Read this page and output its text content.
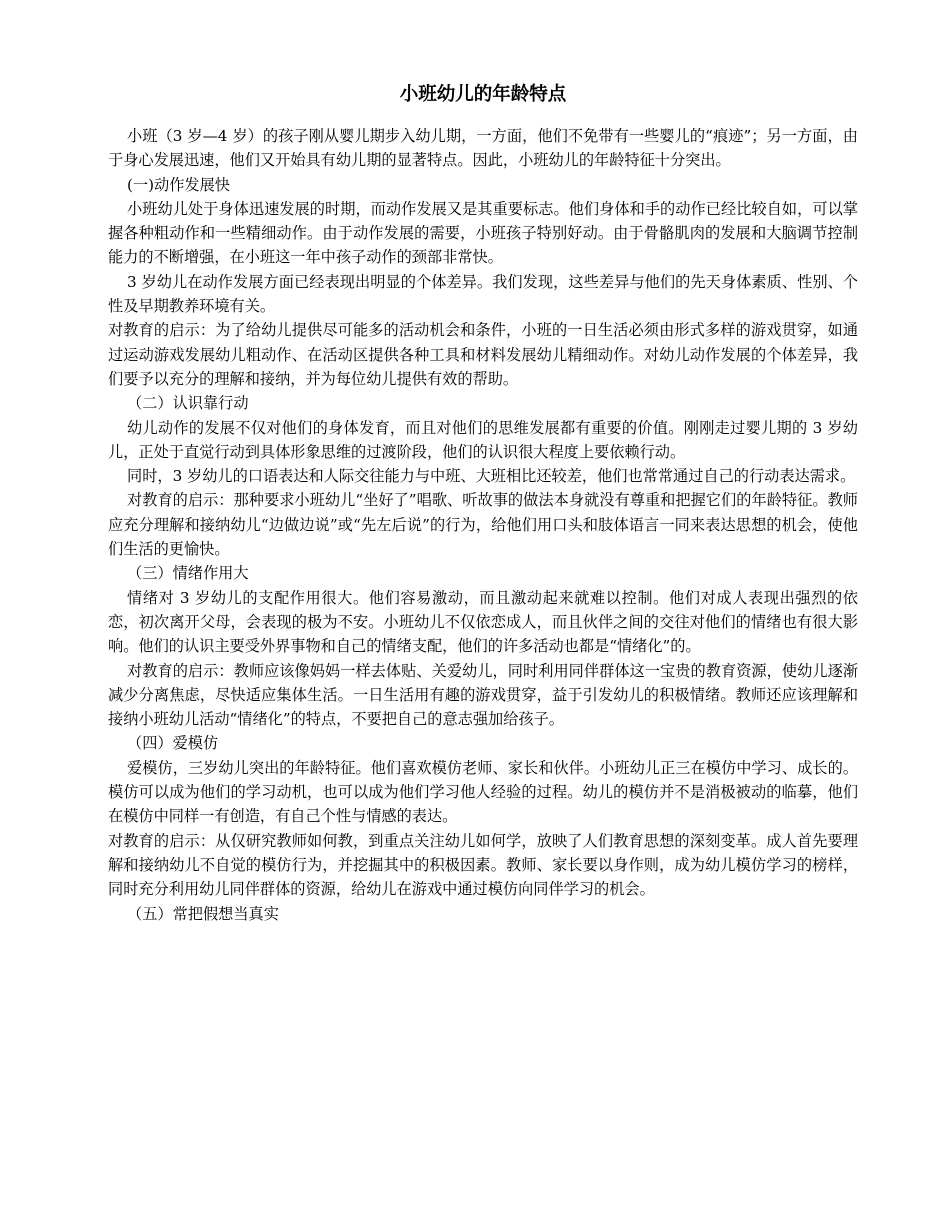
小班幼儿的年龄特点

小班（3 岁—4 岁）的孩子刚从婴儿期步入幼儿期，一方面，他们不免带有一些婴儿的“痕迹”；另一方面，由于身心发展迅速，他们又开始具有幼儿期的显著特点。因此，小班幼儿的年龄特征十分突出。

(一)动作发展快

小班幼儿处于身体迅速发展的时期，而动作发展又是其重要标志。他们身体和手的动作已经比较自如，可以掌握各种粗动作和一些精细动作。由于动作发展的需要，小班孩子特别好动。由于骨骼肌肉的发展和大脑调节控制能力的不断增强，在小班这一年中孩子动作的颈部非常快。

3 岁幼儿在动作发展方面已经表现出明显的个体差异。我们发现，这些差异与他们的先天身体素质、性别、个性及早期教养环境有关。

对教育的启示：为了给幼儿提供尽可能多的活动机会和条件，小班的一日生活必须由形式多样的游戏贯穿，如通过运动游戏发展幼儿粗动作、在活动区提供各种工具和材料发展幼儿精细动作。对幼儿动作发展的个体差异，我们要予以充分的理解和接纳，并为每位幼儿提供有效的帮助。

（二）认识靠行动

幼儿动作的发展不仅对他们的身体发育，而且对他们的思维发展都有重要的价值。刚刚走过婴儿期的 3 岁幼儿，正处于直觉行动到具体形象思维的过渡阶段，他们的认识很大程度上要依赖行动。

同时，3 岁幼儿的口语表达和人际交往能力与中班、大班相比还较差，他们也常常通过自己的行动表达需求。

对教育的启示：那种要求小班幼儿“坐好了”唱歌、听故事的做法本身就没有尊重和把握它们的年龄特征。教师应充分理解和接纳幼儿“边做边说”或“先左后说”的行为，给他们用口头和肢体语言一同来表达思想的机会，使他们生活的更愉快。

（三）情绪作用大

情绪对 3 岁幼儿的支配作用很大。他们容易激动，而且激动起来就难以控制。他们对成人表现出强烈的依恋，初次离开父母，会表现的极为不安。小班幼儿不仅依恋成人，而且伙伴之间的交往对他们的情绪也有很大影响。他们的认识主要受外界事物和自己的情绪支配，他们的许多活动也都是“情绪化”的。

对教育的启示：教师应该像妈妈一样去体贴、关爱幼儿，同时利用同伴群体这一宝贵的教育资源，使幼儿逐渐减少分离焦虑，尽快适应集体生活。一日生活用有趣的游戏贯穿，益于引发幼儿的积极情绪。教师还应该理解和接纳小班幼儿活动“情绪化”的特点，不要把自己的意志强加给孩子。

（四）爱模仿

爱模仿，三岁幼儿突出的年龄特征。他们喜欢模仿老师、家长和伙伴。小班幼儿正三在模仿中学习、成长的。模仿可以成为他们的学习动机，也可以成为他们学习他人经验的过程。幼儿的模仿并不是消极被动的临摹，他们在模仿中同样一有创造，有自己个性与情感的表达。

对教育的启示：从仅研究教师如何教，到重点关注幼儿如何学，放映了人们教育思想的深刻变革。成人首先要理解和接纳幼儿不自觉的模仿行为，并挖掘其中的积极因素。教师、家长要以身作则，成为幼儿模仿学习的榜样，同时充分利用幼儿同伴群体的资源，给幼儿在游戏中通过模仿向同伴学习的机会。

（五）常把假想当真实
